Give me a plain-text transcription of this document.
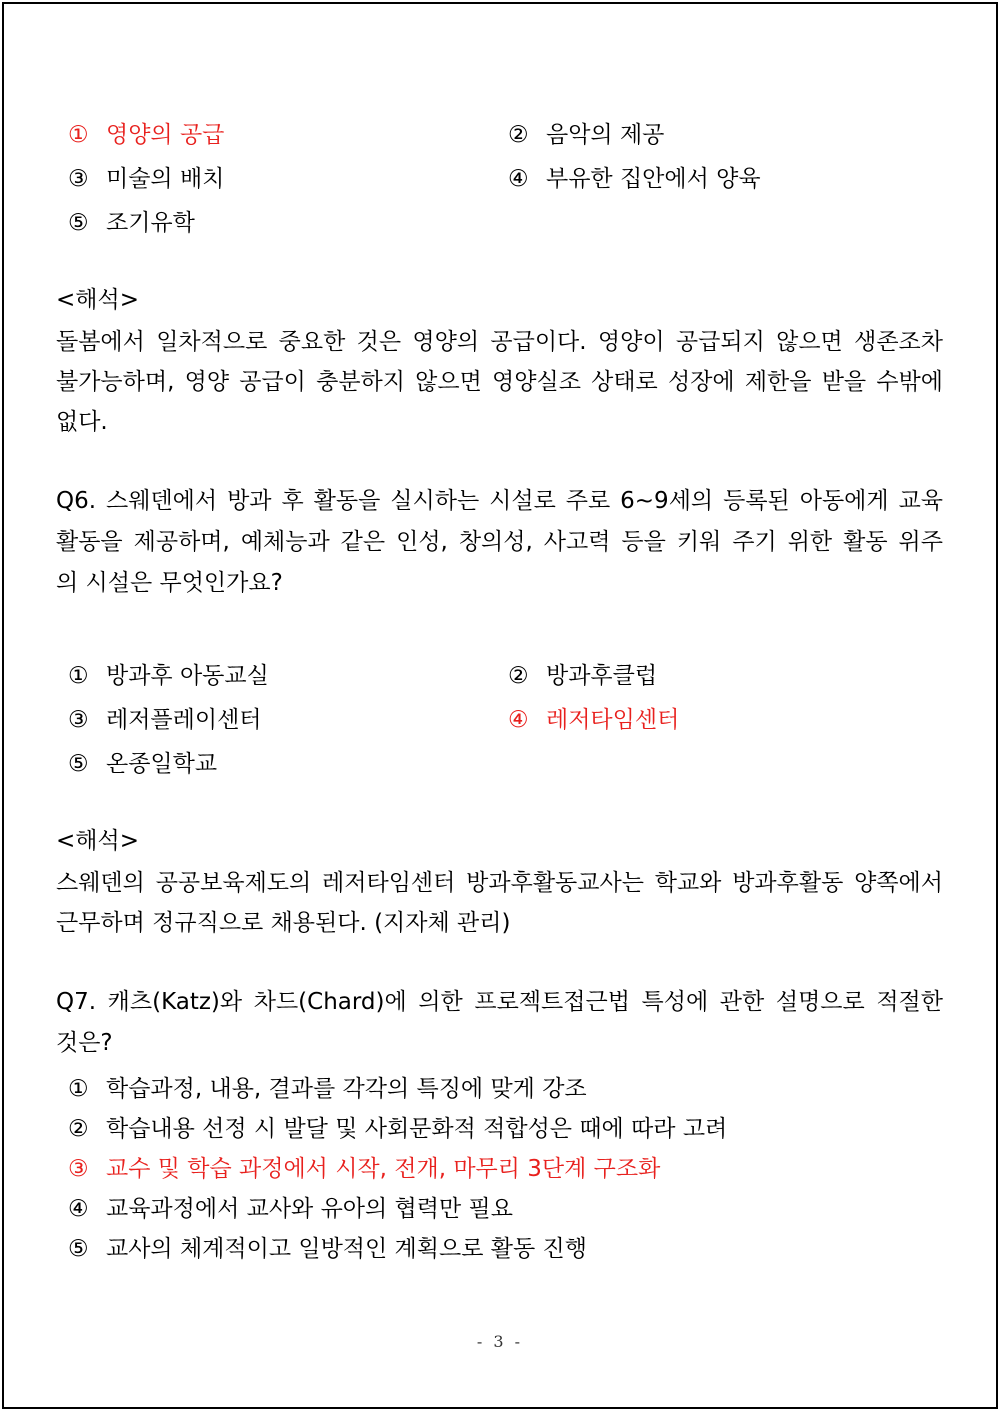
① 영양의 공급	② 음악의 제공
③ 미술의 배치	④ 부유한 집안에서 양육
⑤ 조기유학
<해석>
돌봄에서 일차적으로 중요한 것은 영양의 공급이다. 영양이 공급되지 않으면 생존조차
불가능하며, 영양 공급이 충분하지 않으면 영양실조 상태로 성장에 제한을 받을 수밖에
없다.
Q6. 스웨덴에서 방과 후 활동을 실시하는 시설로 주로 6~9세의 등록된 아동에게 교육
활동을 제공하며, 예체능과 같은 인성, 창의성, 사고력 등을 키워 주기 위한 활동 위주
의 시설은 무엇인가요?
① 방과후 아동교실	② 방과후클럽
③ 레저플레이센터	④ 레저타임센터
⑤ 온종일학교
<해석>
스웨덴의 공공보육제도의 레저타임센터 방과후활동교사는 학교와 방과후활동 양쪽에서
근무하며 정규직으로 채용된다. (지자체 관리)
Q7. 캐츠(Katz)와 차드(Chard)에 의한 프로젝트접근법 특성에 관한 설명으로 적절한
것은?
① 학습과정, 내용, 결과를 각각의 특징에 맞게 강조
② 학습내용 선정 시 발달 및 사회문화적 적합성은 때에 따라 고려
③ 교수 및 학습 과정에서 시작, 전개, 마무리 3단계 구조화
④ 교육과정에서 교사와 유아의 협력만 필요
⑤ 교사의 체계적이고 일방적인 계획으로 활동 진행
- 3 -
